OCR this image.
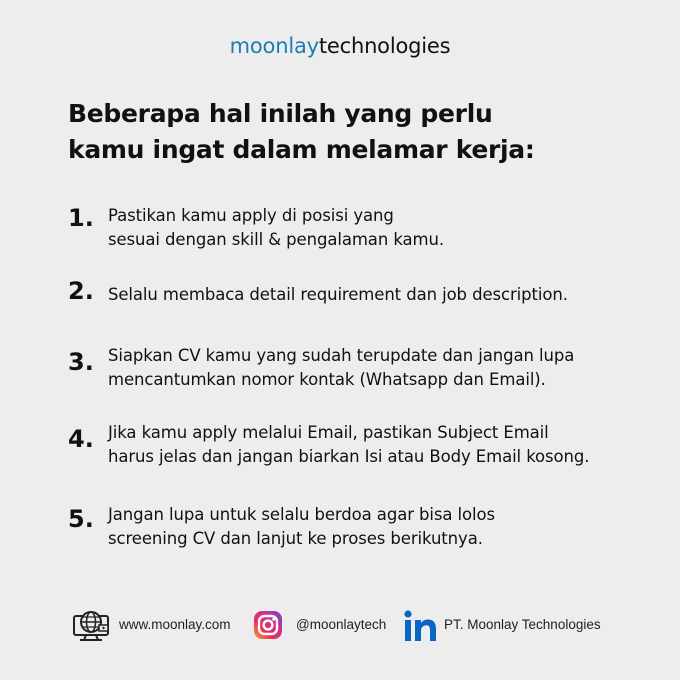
moonlaytechnologies
Beberapa hal inilah yang perlu
kamu ingat dalam melamar kerja:
1. Pastikan kamu apply di posisi yang
sesuai dengan skill & pengalaman kamu.
2. Selalu membaca detail requirement dan job description.
3. Siapkan CV kamu yang sudah terupdate dan jangan lupa
mencantumkan nomor kontak (Whatsapp dan Email).
4. Jika kamu apply melalui Email, pastikan Subject Email
harus jelas dan jangan biarkan Isi atau Body Email kosong.
5. Jangan lupa untuk selalu berdoa agar bisa lolos
screening CV dan lanjut ke proses berikutnya.
www.moonlay.com	@moonlaytech	PT. Moonlay Technologies
